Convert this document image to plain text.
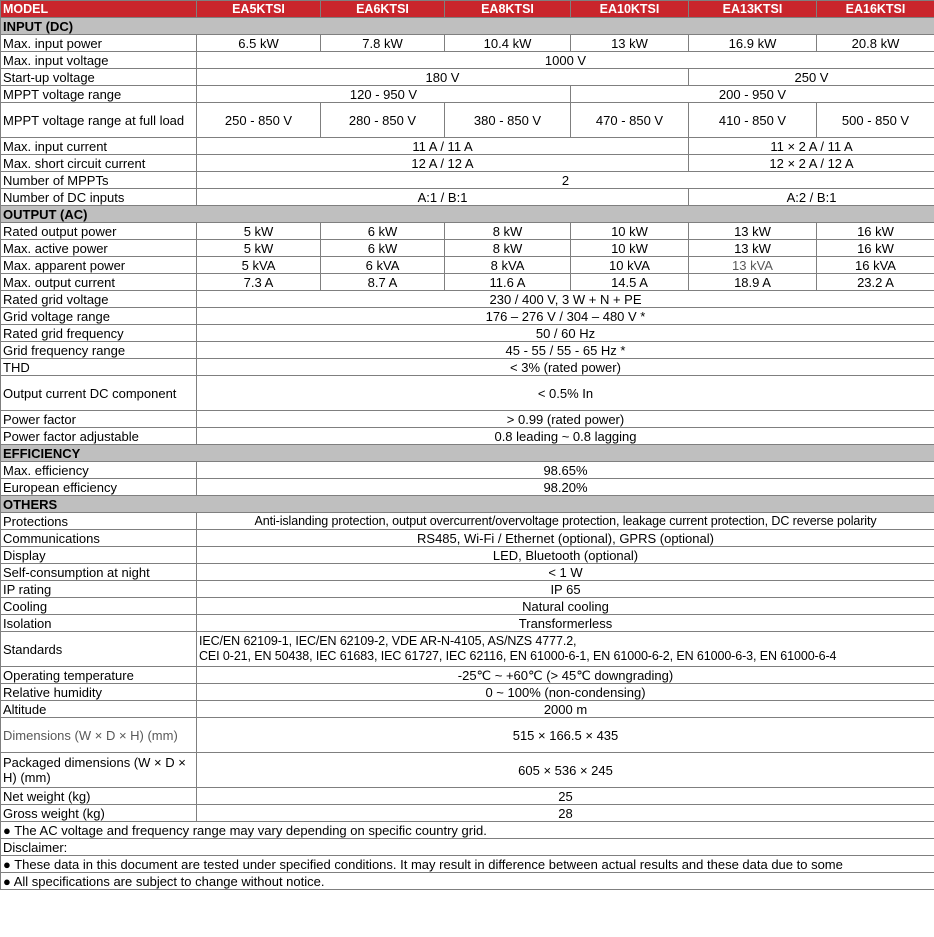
MODEL	EA5KTSI	EA6KTSI	EA8KTSI	EA10KTSI	EA13KTSI	EA16KTSI
INPUT (DC)						
Max. input power	6.5 kW	7.8 kW	10.4 kW	13 kW	16.9 kW	20.8 kW
Max. input voltage	1000 V					
Start-up voltage	180 V				250 V	
MPPT voltage range	120 - 950 V			200 - 950 V		
MPPT voltage range at full load	250 - 850 V	280 - 850 V	380 - 850 V	470 - 850 V	410 - 850 V	500 - 850 V
Max. input current	11 A / 11 A				11 × 2 A / 11 A	
Max. short circuit current	12 A / 12 A				12 × 2 A / 12 A	
Number of MPPTs	2					
Number of DC inputs	A:1 / B:1				A:2 / B:1	
OUTPUT (AC)						
Rated output power	5 kW	6 kW	8 kW	10 kW	13 kW	16 kW
Max. active power	5 kW	6 kW	8 kW	10 kW	13 kW	16 kW
Max. apparent power	5 kVA	6 kVA	8 kVA	10 kVA	13 kVA	16 kVA
Max. output current	7.3 A	8.7 A	11.6 A	14.5 A	18.9 A	23.2 A
Rated grid voltage	230 / 400 V, 3 W + N + PE					
Grid voltage range	176 – 276 V / 304 – 480 V *					
Rated grid frequency	50 / 60 Hz					
Grid frequency range	45 - 55 / 55 - 65 Hz *					
THD	< 3% (rated power)					
Output current DC component	< 0.5% In					
Power factor	> 0.99 (rated power)					
Power factor adjustable	0.8 leading ~ 0.8 lagging					
EFFICIENCY						
Max. efficiency	98.65%					
European efficiency	98.20%					
OTHERS						
Protections	Anti-islanding protection, output overcurrent/overvoltage protection, leakage current protection, DC reverse polarity					
Communications	RS485, Wi-Fi / Ethernet (optional), GPRS (optional)					
Display	LED, Bluetooth (optional)					
Self-consumption at night	< 1 W					
IP rating	IP 65					
Cooling	Natural cooling					
Isolation	Transformerless					
Standards	IEC/EN 62109-1, IEC/EN 62109-2, VDE AR-N-4105, AS/NZS 4777.2,
CEI 0-21, EN 50438, IEC 61683, IEC 61727, IEC 62116, EN 61000-6-1, EN 61000-6-2, EN 61000-6-3, EN 61000-6-4					

Operating temperature	-25℃ ~ +60℃ (> 45℃ downgrading)					
Relative humidity	0 ~ 100% (non-condensing)					
Altitude	2000 m					
Dimensions (W × D × H) (mm)	515 × 166.5 × 435					
Packaged dimensions (W × D × H) (mm)	605 × 536 × 245					
Net weight (kg)	25					
Gross weight (kg)	28					
● The AC voltage and frequency range may vary depending on specific country grid.						
Disclaimer:						
● These data in this document are tested under specified conditions. It may result in difference between actual results and these data due to some						
● All specifications are subject to change without notice.						
